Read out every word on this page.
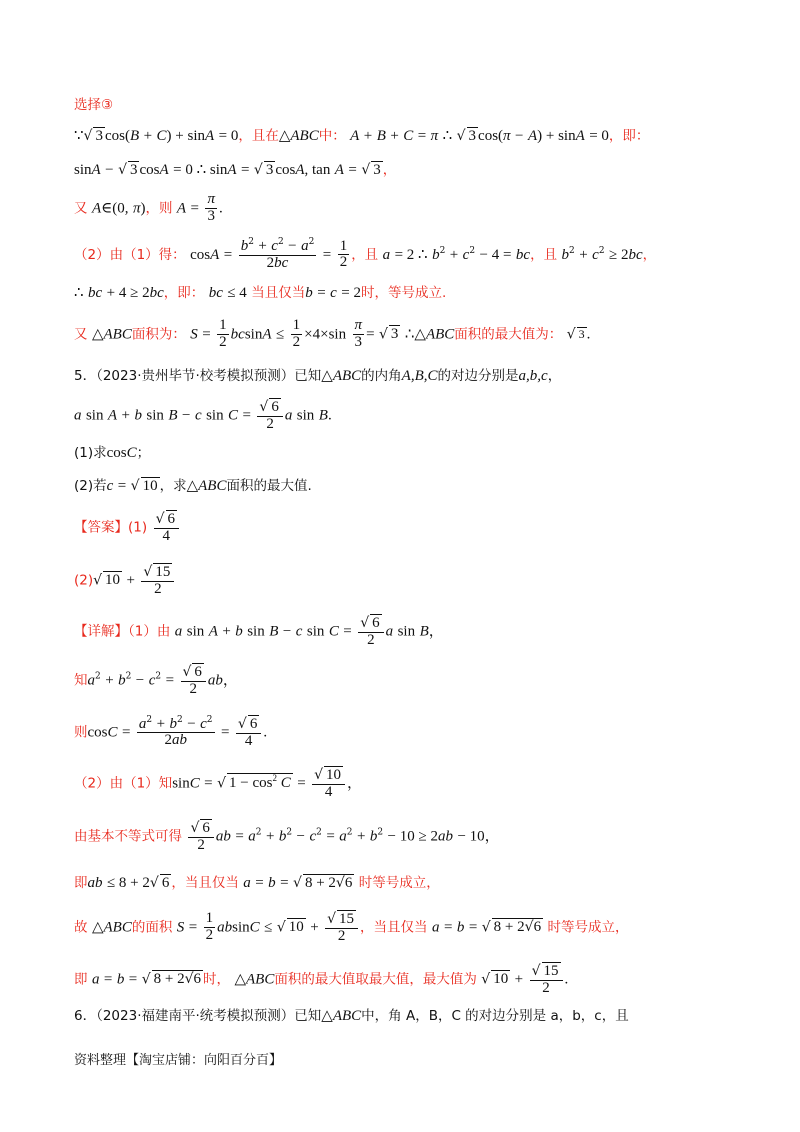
选择③
∵√ 3 cos(B + C) + sinA = 0，且在△ABC中： A + B + C = π ∴ √ 3 cos(π − A) + sinA = 0，即：
sinA − √ 3 cosA = 0 ∴ sinA = √ 3 cosA, tan A = √ 3 ，
又 A∈(0, π)，则 $A = \frac{\pi}{3}$ .
（2）由（1）得： $\cos A = \frac{b^2 + c^2 - a^2}{2bc} = \frac{1}{2}$ ，且 a = 2 ∴ $b^2 + c^2 - 4$ = bc，且 $b^2 + c^2 \ge 2bc$，
∴ bc + 4 ≥ 2bc，即： bc ≤ 4 当且仅当b = c = 2时，等号成立.
又 △ABC面积为： $S = \frac{1}{2}$ $bcsinA \le \frac{1}{2} \times 4\times\sin \frac{\pi}{3}$ = √ 3 ∴△ABC面积的最大值为： √ 3 .
5．（2023·贵州毕节·校考模拟预测）已知△ABC的内角A,B,C的对边分别是a,b,c，
a sin A + b sin B − c $\sin C = \frac{√ 6}{2}$ a sin B.
(1)求cosC；
(2)若c = √ 10 ，求△ABC面积的最大值.
【答案】$(1) \frac{√ 6}{4}$
(2)√ $10 + \frac{√ 15}{2}$
【详解】（1）由 a sin A + b sin B − c $\sin C = \frac{√ 6}{2}$ a sin B，
知$a^2 + b^2 - c^2 = \frac{√ 6}{2}$ ab，
则$\cos C = \frac{a^2 + b^2 - c^2}{2ab} = \frac{√ 6}{4}$ .
（2）由（1）知sinC = √ $1 - \cos^2 C = \frac{√ 10}{4}$ ，
由基本不等式可得 $\frac{√ 6}{2}$ ab = $a^2 + b^2 - c^2 = a^2 + b^2 - 10 \ge 2ab - 10$，
即ab ≤ 8 + 2√ 6 ，当且仅当 a = b = √ 8 + 2√6 时等号成立，
故 △ABC的面积 $S = \frac{1}{2}$ absinC ≤ √ $10 + \frac{√ 15}{2}$ ，当且仅当 a = b = √ 8 + 2√6 时等号成立，
即 a = b = √ 8 + 2√6 时， △ABC面积的最大值取最大值，最大值为 √ $10 + \frac{√ 15}{2}$ .
6．（2023·福建南平·统考模拟预测）已知△ABC中，角 A，B，C 的对边分别是 a，b，c，且
资料整理【淘宝店铺：向阳百分百】
